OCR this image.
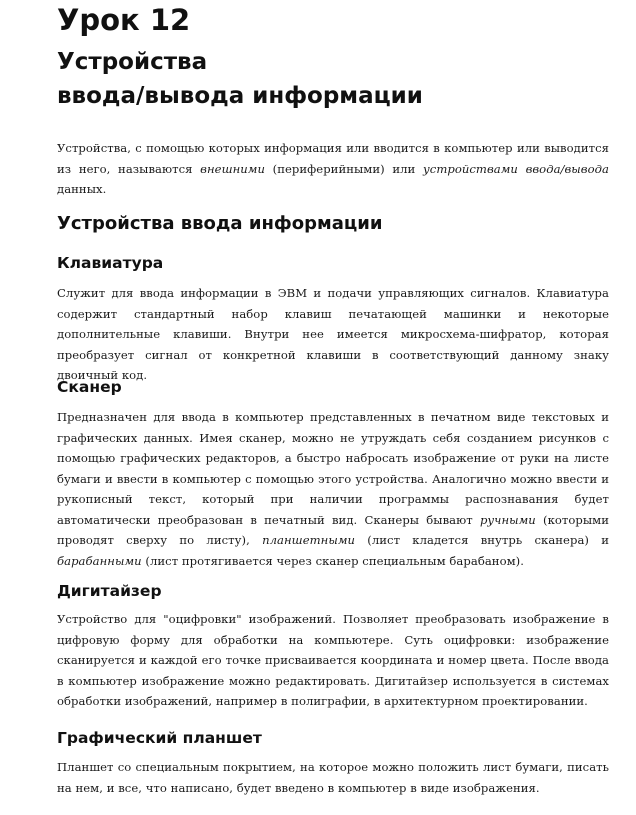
Урок 12
Устройства
ввода/вывода информации

Устройства, с помощью которых информация или вводится в компьютер или выводится из него, называются внешними (периферийными) или устройствами ввода/вывода данных.

Устройства ввода информации
Клавиатура

Служит для ввода информации в ЭВМ и подачи управляющих сигналов. Клавиатура содержит стандартный набор клавиш печатающей машинки и некоторые дополнительные клавиши. Внутри нее имеется микросхема-шифратор, которая преобразует сигнал от конкретной клавиши в соответствующий данному знаку двоичный код.

Сканер

Предназначен для ввода в компьютер представленных в печатном виде текстовых и графических данных. Имея сканер, можно не утруждать себя созданием рисунков с помощью графических редакторов, а быстро набросать изображение от руки на листе бумаги и ввести в компьютер с помощью этого устройства. Аналогично можно ввести и рукописный текст, который при наличии программы распознавания будет автоматически преобразован в печатный вид. Сканеры бывают ручными (которыми проводят сверху по листу), планшетными (лист кладется внутрь сканера) и барабанными (лист протягивается через сканер специальным барабаном).

Дигитайзер

Устройство для "оцифровки" изображений. Позволяет преобразовать изображение в цифровую форму для обработки на компьютере. Суть оцифровки: изображение сканируется и каждой его точке присваивается координата и номер цвета. После ввода в компьютер изображение можно редактировать. Дигитайзер используется в системах обработки изображений, например в полиграфии, в архитектурном проектировании.

Графический планшет

Планшет со специальным покрытием, на которое можно положить лист бумаги, писать на нем, и все, что написано, будет введено в компьютер в виде изображения.
